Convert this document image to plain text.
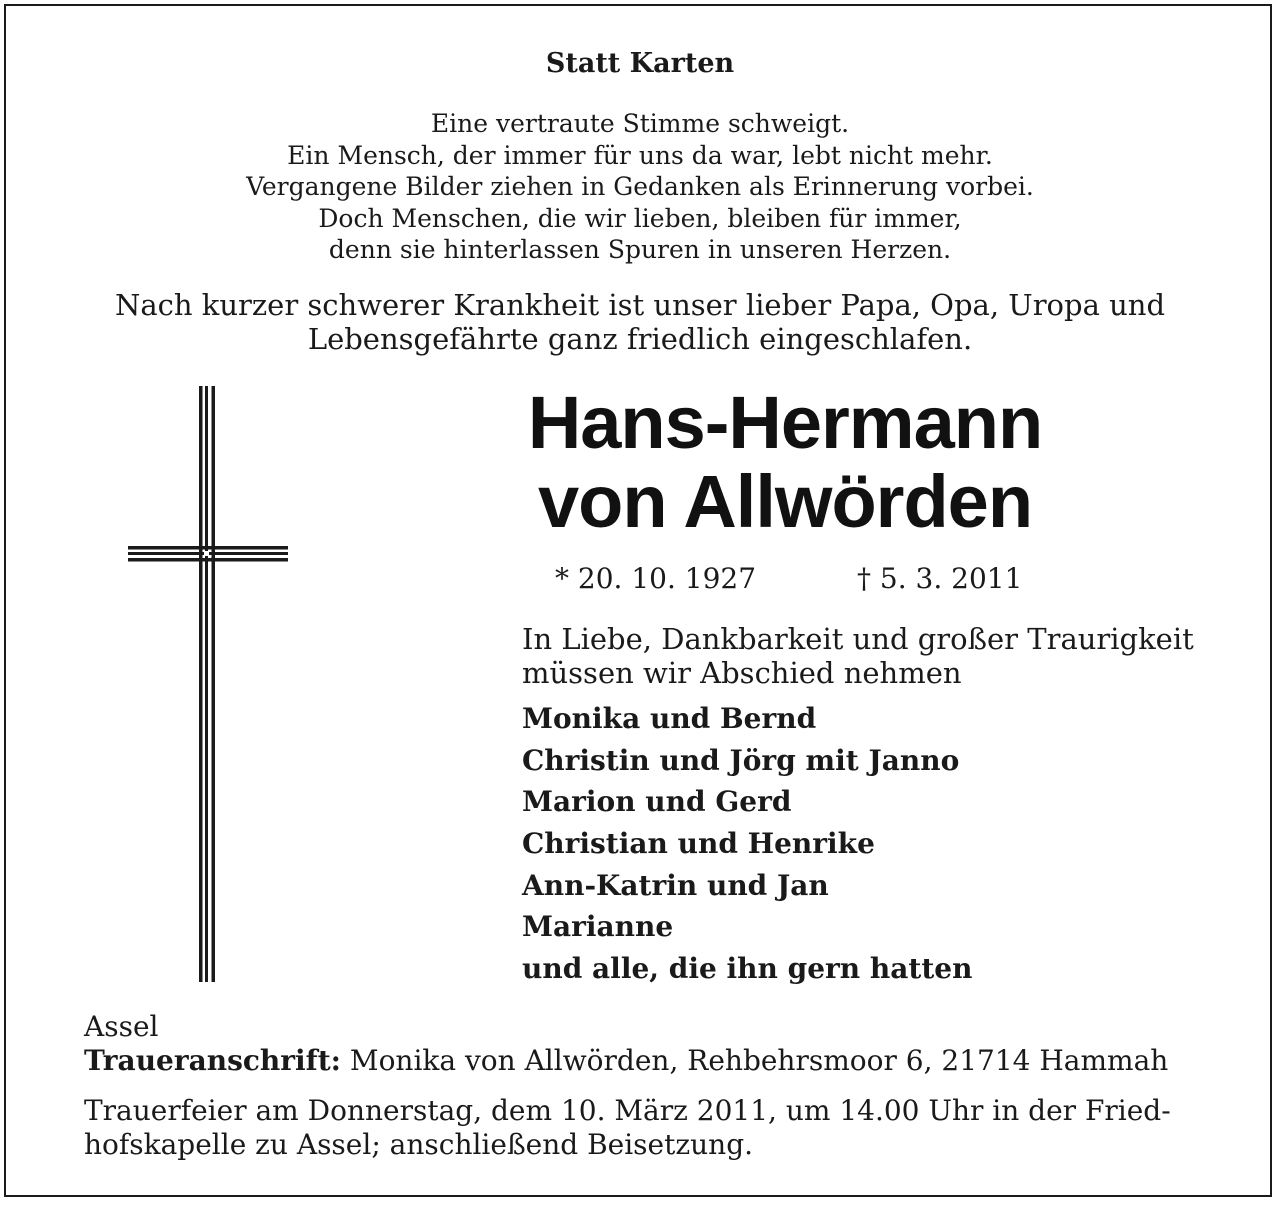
Statt Karten
Eine vertraute Stimme schweigt.
Ein Mensch, der immer für uns da war, lebt nicht mehr.
Vergangene Bilder ziehen in Gedanken als Erinnerung vorbei.
Doch Menschen, die wir lieben, bleiben für immer,
denn sie hinterlassen Spuren in unseren Herzen.
Nach kurzer schwerer Krankheit ist unser lieber Papa, Opa, Uropa und
Lebensgefährte ganz friedlich eingeschlafen.
Hans-Hermann
von Allwörden
* 20. 10. 1927	† 5. 3. 2011
In Liebe, Dankbarkeit und großer Traurigkeit
müssen wir Abschied nehmen
Monika und Bernd
Christin und Jörg mit Janno
Marion und Gerd
Christian und Henrike
Ann-Katrin und Jan
Marianne
und alle, die ihn gern hatten
Assel
Traueranschrift: Monika von Allwörden, Rehbehrsmoor 6, 21714 Hammah
Trauerfeier am Donnerstag, dem 10. März 2011, um 14.00 Uhr in der Fried-
hofskapelle zu Assel; anschließend Beisetzung.
